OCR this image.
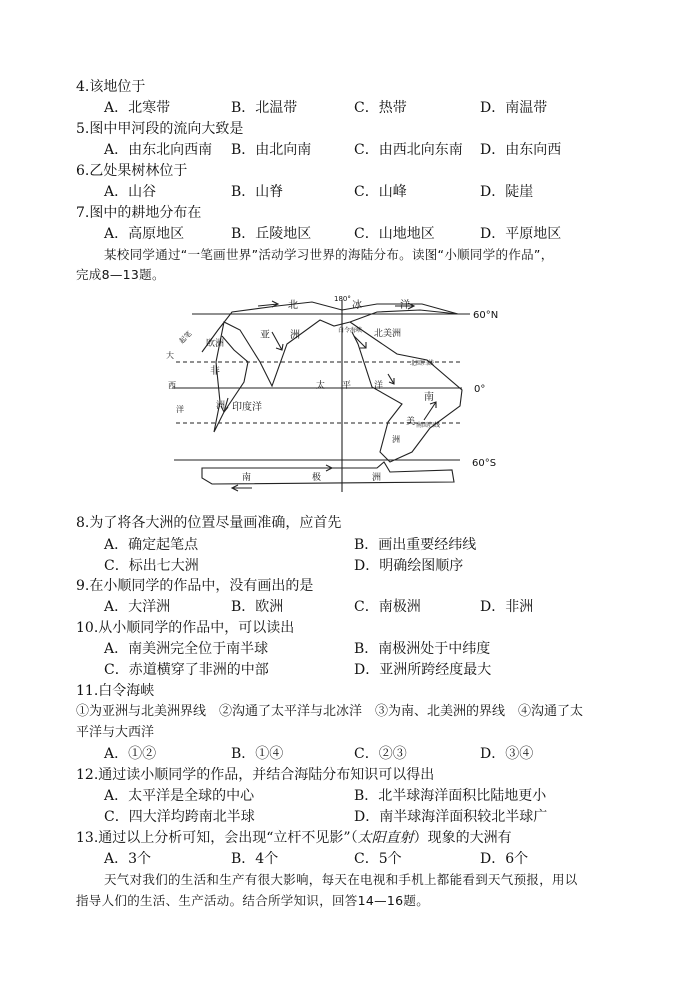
4.该地位于
A．北寒带	B．北温带	C．热带	D．南温带
5.图中甲河段的流向大致是
A．由东北向西南 B．由北向南	C．由西北向东南 D．由东向西
6.乙处果树林位于
A．山谷	B．山脊	C．山峰	D．陡崖
7.图中的耕地分布在
A．高原地区	B．丘陵地区	C．山地地区	D．平原地区
某校同学通过“一笔画世界”活动学习世界的海陆分布。读图“小顺同学的作品”，
完成8—13题。
60°N
0°
60°S
180°
北回归线
南回归线
北	冰	洋
亚 洲	北美洲
欧洲
白令海峡
起笔
非
洲
太 平	洋
印度洋
大
西
洋
南
美
洲
南	极	洲
8.为了将各大洲的位置尽量画准确，应首先
A．确定起笔点	B．画出重要经纬线
C．标出七大洲	D．明确绘图顺序
9.在小顺同学的作品中，没有画出的是
A．大洋洲	B．欧洲	C．南极洲	D．非洲
10.从小顺同学的作品中，可以读出
A．南美洲完全位于南半球	B．南极洲处于中纬度
C．赤道横穿了非洲的中部	D．亚洲所跨经度最大
11.白令海峡
①为亚洲与北美洲界线　②沟通了太平洋与北冰洋　③为南、北美洲的界线　④沟通了太
平洋与大西洋
A．①②	B．①④	C．②③	D．③④
12.通过读小顺同学的作品，并结合海陆分布知识可以得出
A．太平洋是全球的中心	B．北半球海洋面积比陆地更小
C．四大洋均跨南北半球	D．南半球海洋面积较北半球广
13.通过以上分析可知，会出现“立杆不见影”（太阳直射）现象的大洲有
A．3个	B．4个	C．5个	D．6个
天气对我们的生活和生产有很大影响，每天在电视和手机上都能看到天气预报，用以
指导人们的生活、生产活动。结合所学知识，回答14—16题。
